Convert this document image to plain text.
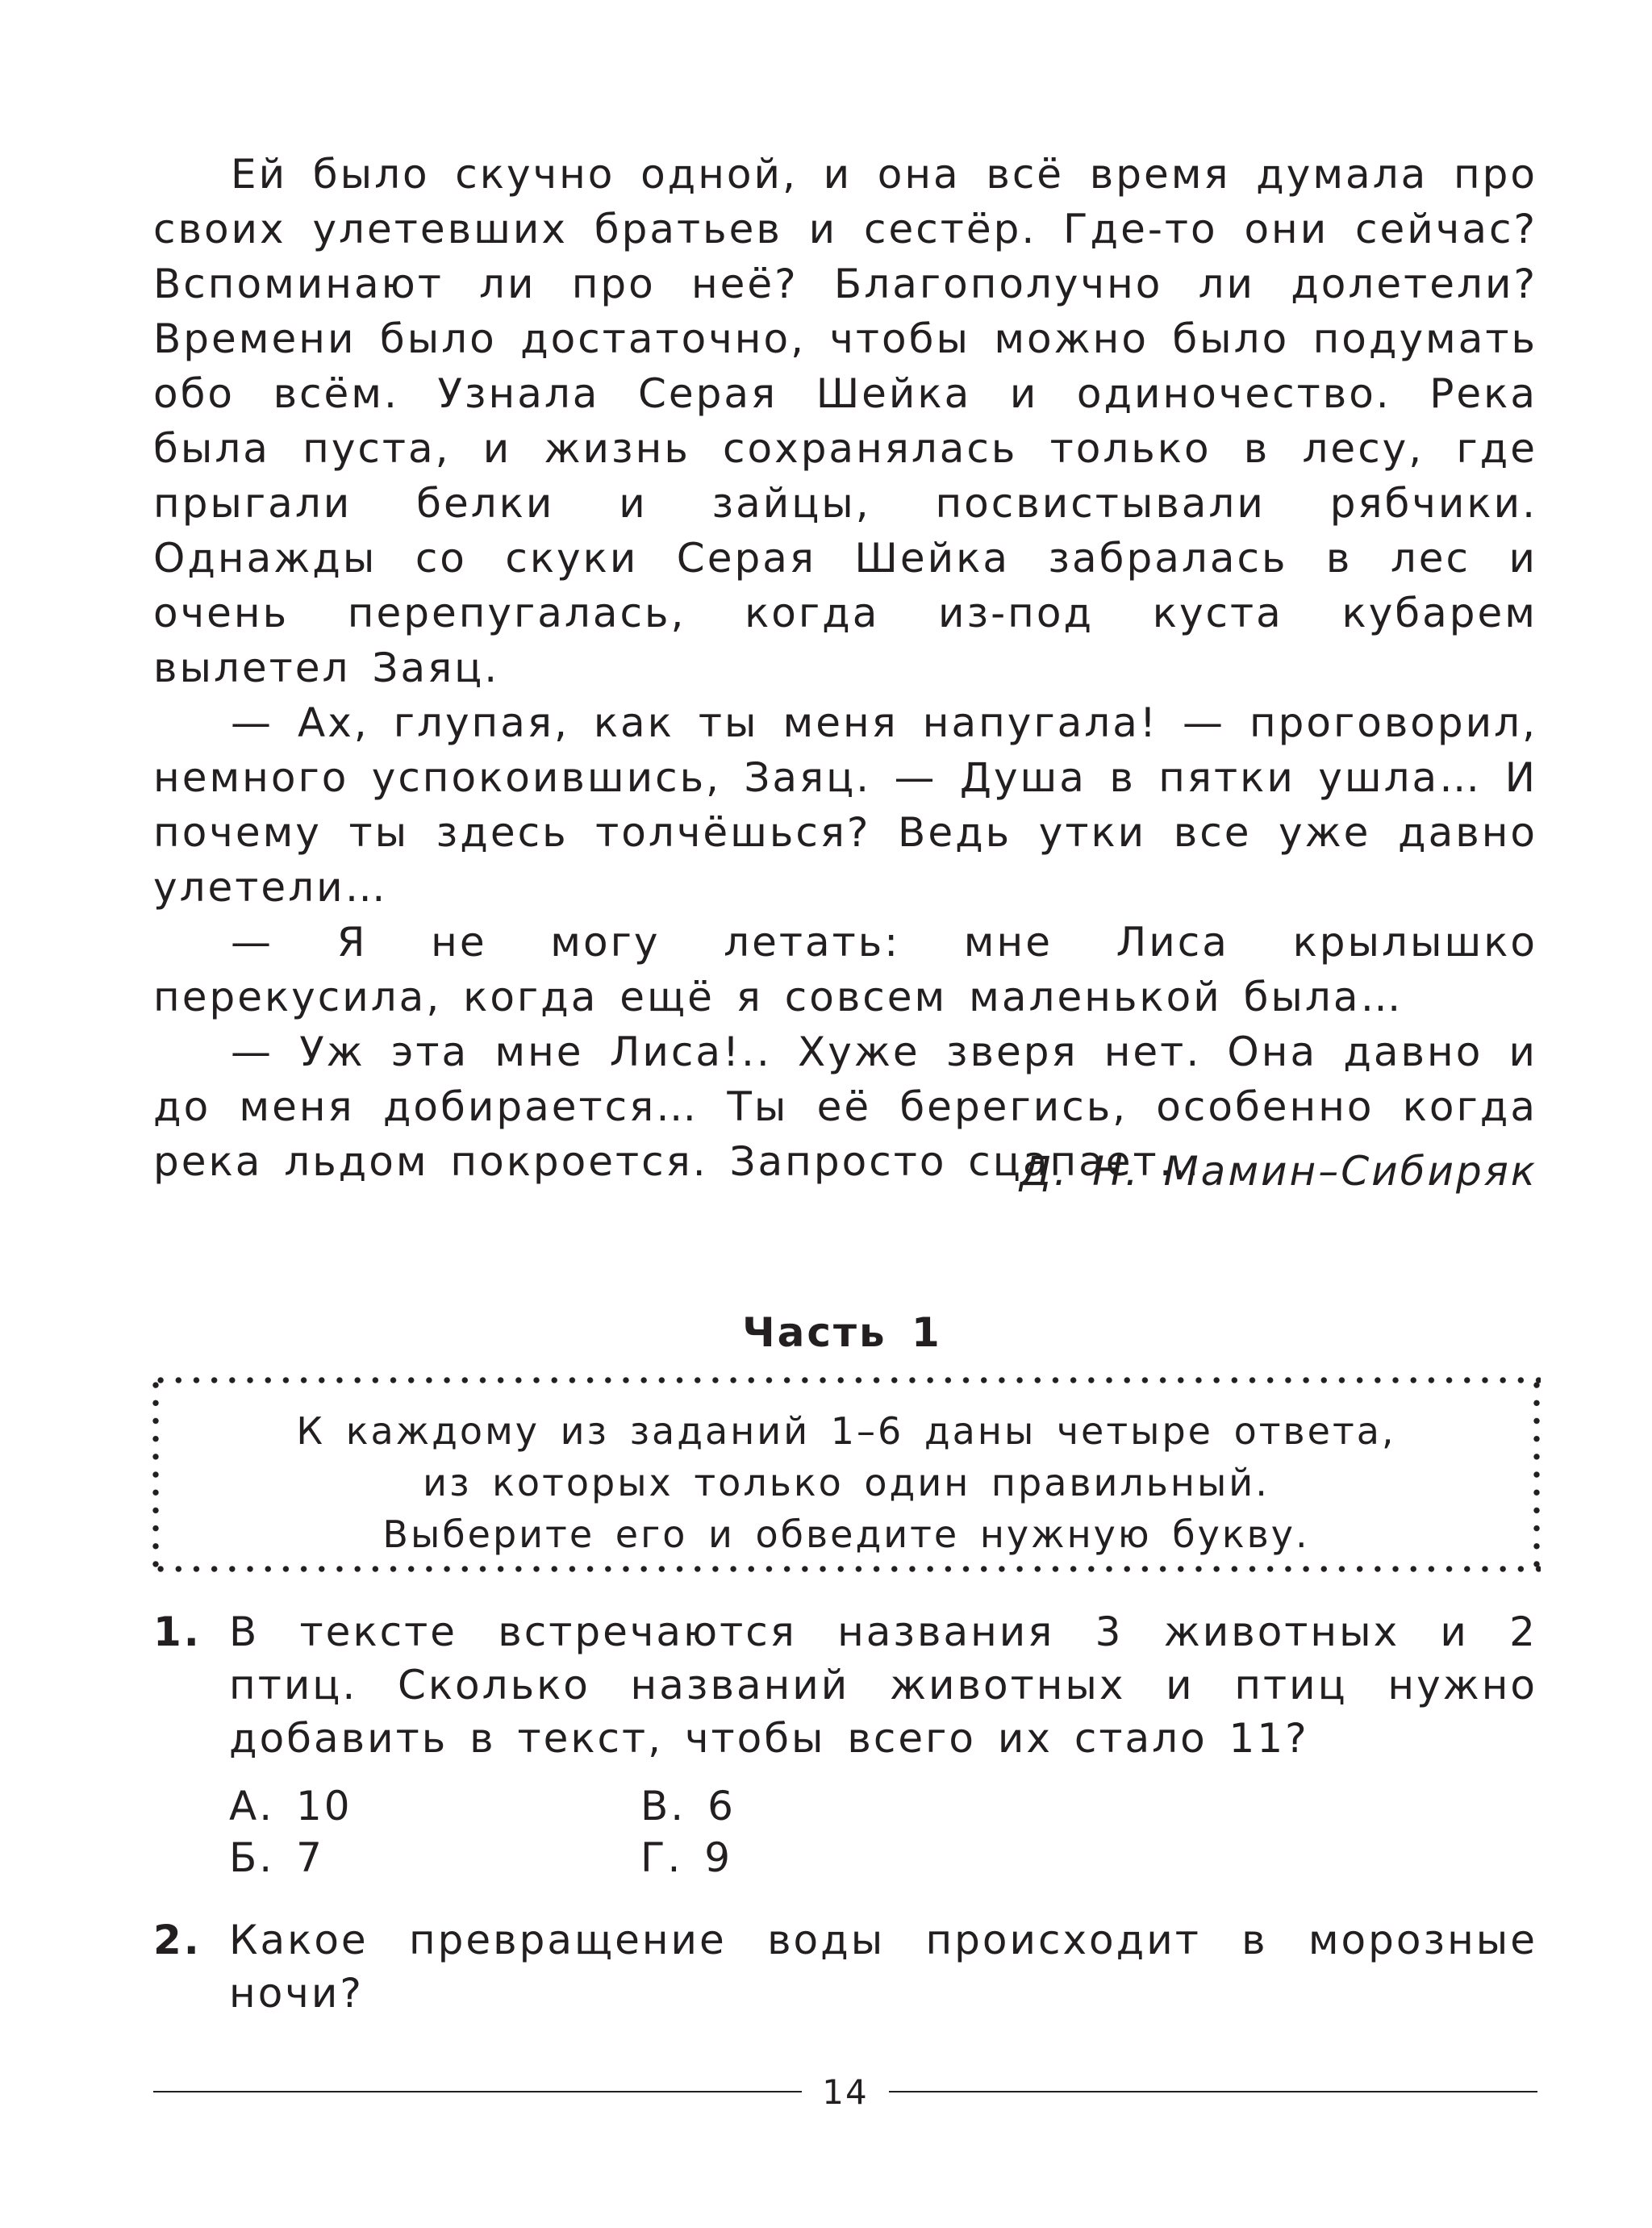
Ей было скучно одной, и она всё время думала про своих улетевших братьев и сестёр. Где-то они сейчас? Вспоминают ли про неё? Благополучно ли долетели? Времени было достаточно, чтобы можно было подумать обо всём. Узнала Серая Шейка и одиночество. Река была пуста, и жизнь сохранялась только в лесу, где прыгали белки и зайцы, посвистывали рябчики. Однажды со скуки Серая Шейка забралась в лес и очень перепугалась, когда из-под куста кубарем вылетел Заяц.

— Ах, глупая, как ты меня напугала! — проговорил, немного успокоившись, Заяц. — Душа в пятки ушла… И почему ты здесь толчёшься? Ведь утки все уже давно улетели…

— Я не могу летать: мне Лиса крылышко перекусила, когда ещё я совсем маленькой была…

— Уж эта мне Лиса!.. Хуже зверя нет. Она давно и до меня добирается… Ты её берегись, особенно когда река льдом покроется. Запросто сцапает…

Д. Н. Мамин–Сибиряк
Часть 1
К каждому из заданий 1–6 даны четыре ответа,
из которых только один правильный.
Выберите его и обведите нужную букву.
1. В тексте встречаются названия 3 животных и 2 птиц. Сколько названий животных и птиц нужно добавить в текст, чтобы всего их стало 11?
А. 10	В. 6
Б. 7	Г. 9
2. Какое превращение воды происходит в морозные ночи?
14
